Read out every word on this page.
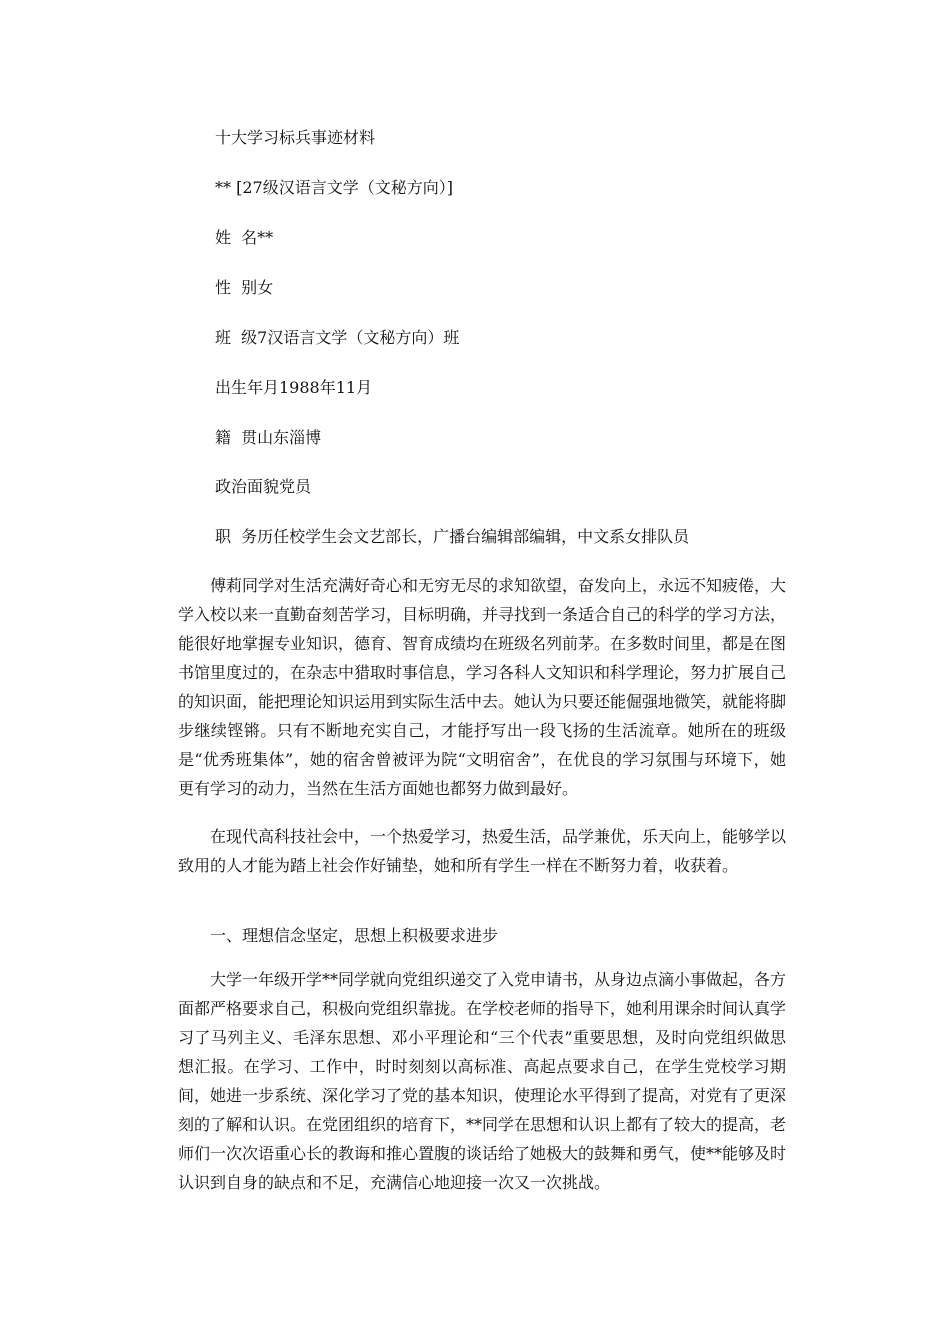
十大学习标兵事迹材料

** [27级汉语言文学（文秘方向）]

姓  名**

性  别女

班  级7汉语言文学（文秘方向）班

出生年月1988年11月

籍  贯山东淄博

政治面貌党员

职  务历任校学生会文艺部长，广播台编辑部编辑，中文系女排队员

傅莉同学对生活充满好奇心和无穷无尽的求知欲望，奋发向上，永远不知疲倦，大学入校以来一直勤奋刻苦学习，目标明确，并寻找到一条适合自己的科学的学习方法，能很好地掌握专业知识，德育、智育成绩均在班级名列前茅。在多数时间里，都是在图书馆里度过的，在杂志中猎取时事信息，学习各科人文知识和科学理论，努力扩展自己的知识面，能把理论知识运用到实际生活中去。她认为只要还能倔强地微笑，就能将脚步继续铿锵。只有不断地充实自己，才能抒写出一段飞扬的生活流章。她所在的班级是“优秀班集体”，她的宿舍曾被评为院“文明宿舍”，在优良的学习氛围与环境下，她更有学习的动力，当然在生活方面她也都努力做到最好。

在现代高科技社会中，一个热爱学习，热爱生活，品学兼优，乐天向上，能够学以致用的人才能为踏上社会作好铺垫，她和所有学生一样在不断努力着，收获着。

一、理想信念坚定，思想上积极要求进步

大学一年级开学**同学就向党组织递交了入党申请书，从身边点滴小事做起，各方面都严格要求自己，积极向党组织靠拢。在学校老师的指导下，她利用课余时间认真学习了马列主义、毛泽东思想、邓小平理论和“三个代表”重要思想，及时向党组织做思想汇报。在学习、工作中，时时刻刻以高标准、高起点要求自己，在学生党校学习期间，她进一步系统、深化学习了党的基本知识，使理论水平得到了提高，对党有了更深刻的了解和认识。在党团组织的培育下，**同学在思想和认识上都有了较大的提高，老师们一次次语重心长的教诲和推心置腹的谈话给了她极大的鼓舞和勇气，使**能够及时认识到自身的缺点和不足，充满信心地迎接一次又一次挑战。
